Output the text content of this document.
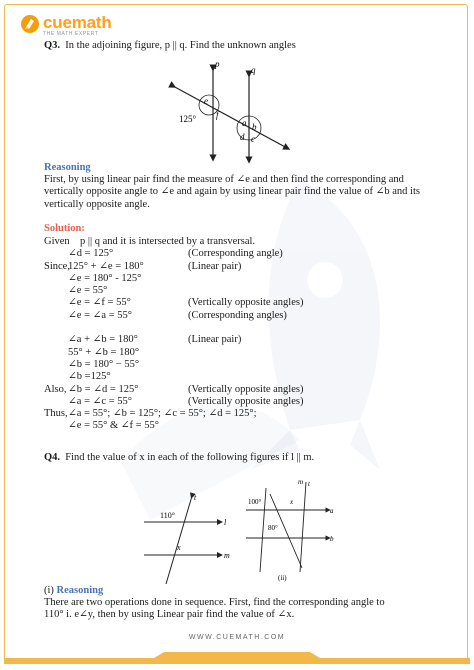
cuemath
THE MATH EXPERT
Q3. In the adjoining figure, p || q. Find the unknown angles
p
q
e
f
125°	a b
d c
Reasoning
First, by using linear pair find the measure of ∠e and then find the corresponding and
vertically opposite angle to ∠e and again by using linear pair find the value of ∠b and its
vertically opposite angle.
Solution:
Given p || q and it is intersected by a transversal.
∠d = 125°	(Corresponding angle)
Since,
125° + ∠e = 180°	(Linear pair)
∠e = 180° - 125°
∠e = 55°
∠e = ∠f = 55°	(Vertically opposite angles)
∠e = ∠a = 55°	(Corresponding angles)
∠a + ∠b = 180°	(Linear pair)
55° + ∠b = 180°
∠b = 180° − 55°
∠b =125°
Also, ∠b = ∠d = 125°	(Vertically opposite angles)
∠a = ∠c = 55°	(Vertically opposite angles)
Thus, ∠a = 55°; ∠b = 125°; ∠c = 55°; ∠d = 125°;
∠e = 55° & ∠f = 55°
Q4. Find the value of x in each of the following figures if l || m.
t
110°
l
x
m
t
m
100°	x
a
80°
b
(ii)
(i) Reasoning
There are two operations done in sequence. First, find the corresponding angle to
110° i. e∠y, then by using Linear pair find the value of ∠x.
WWW.CUEMATH.COM
